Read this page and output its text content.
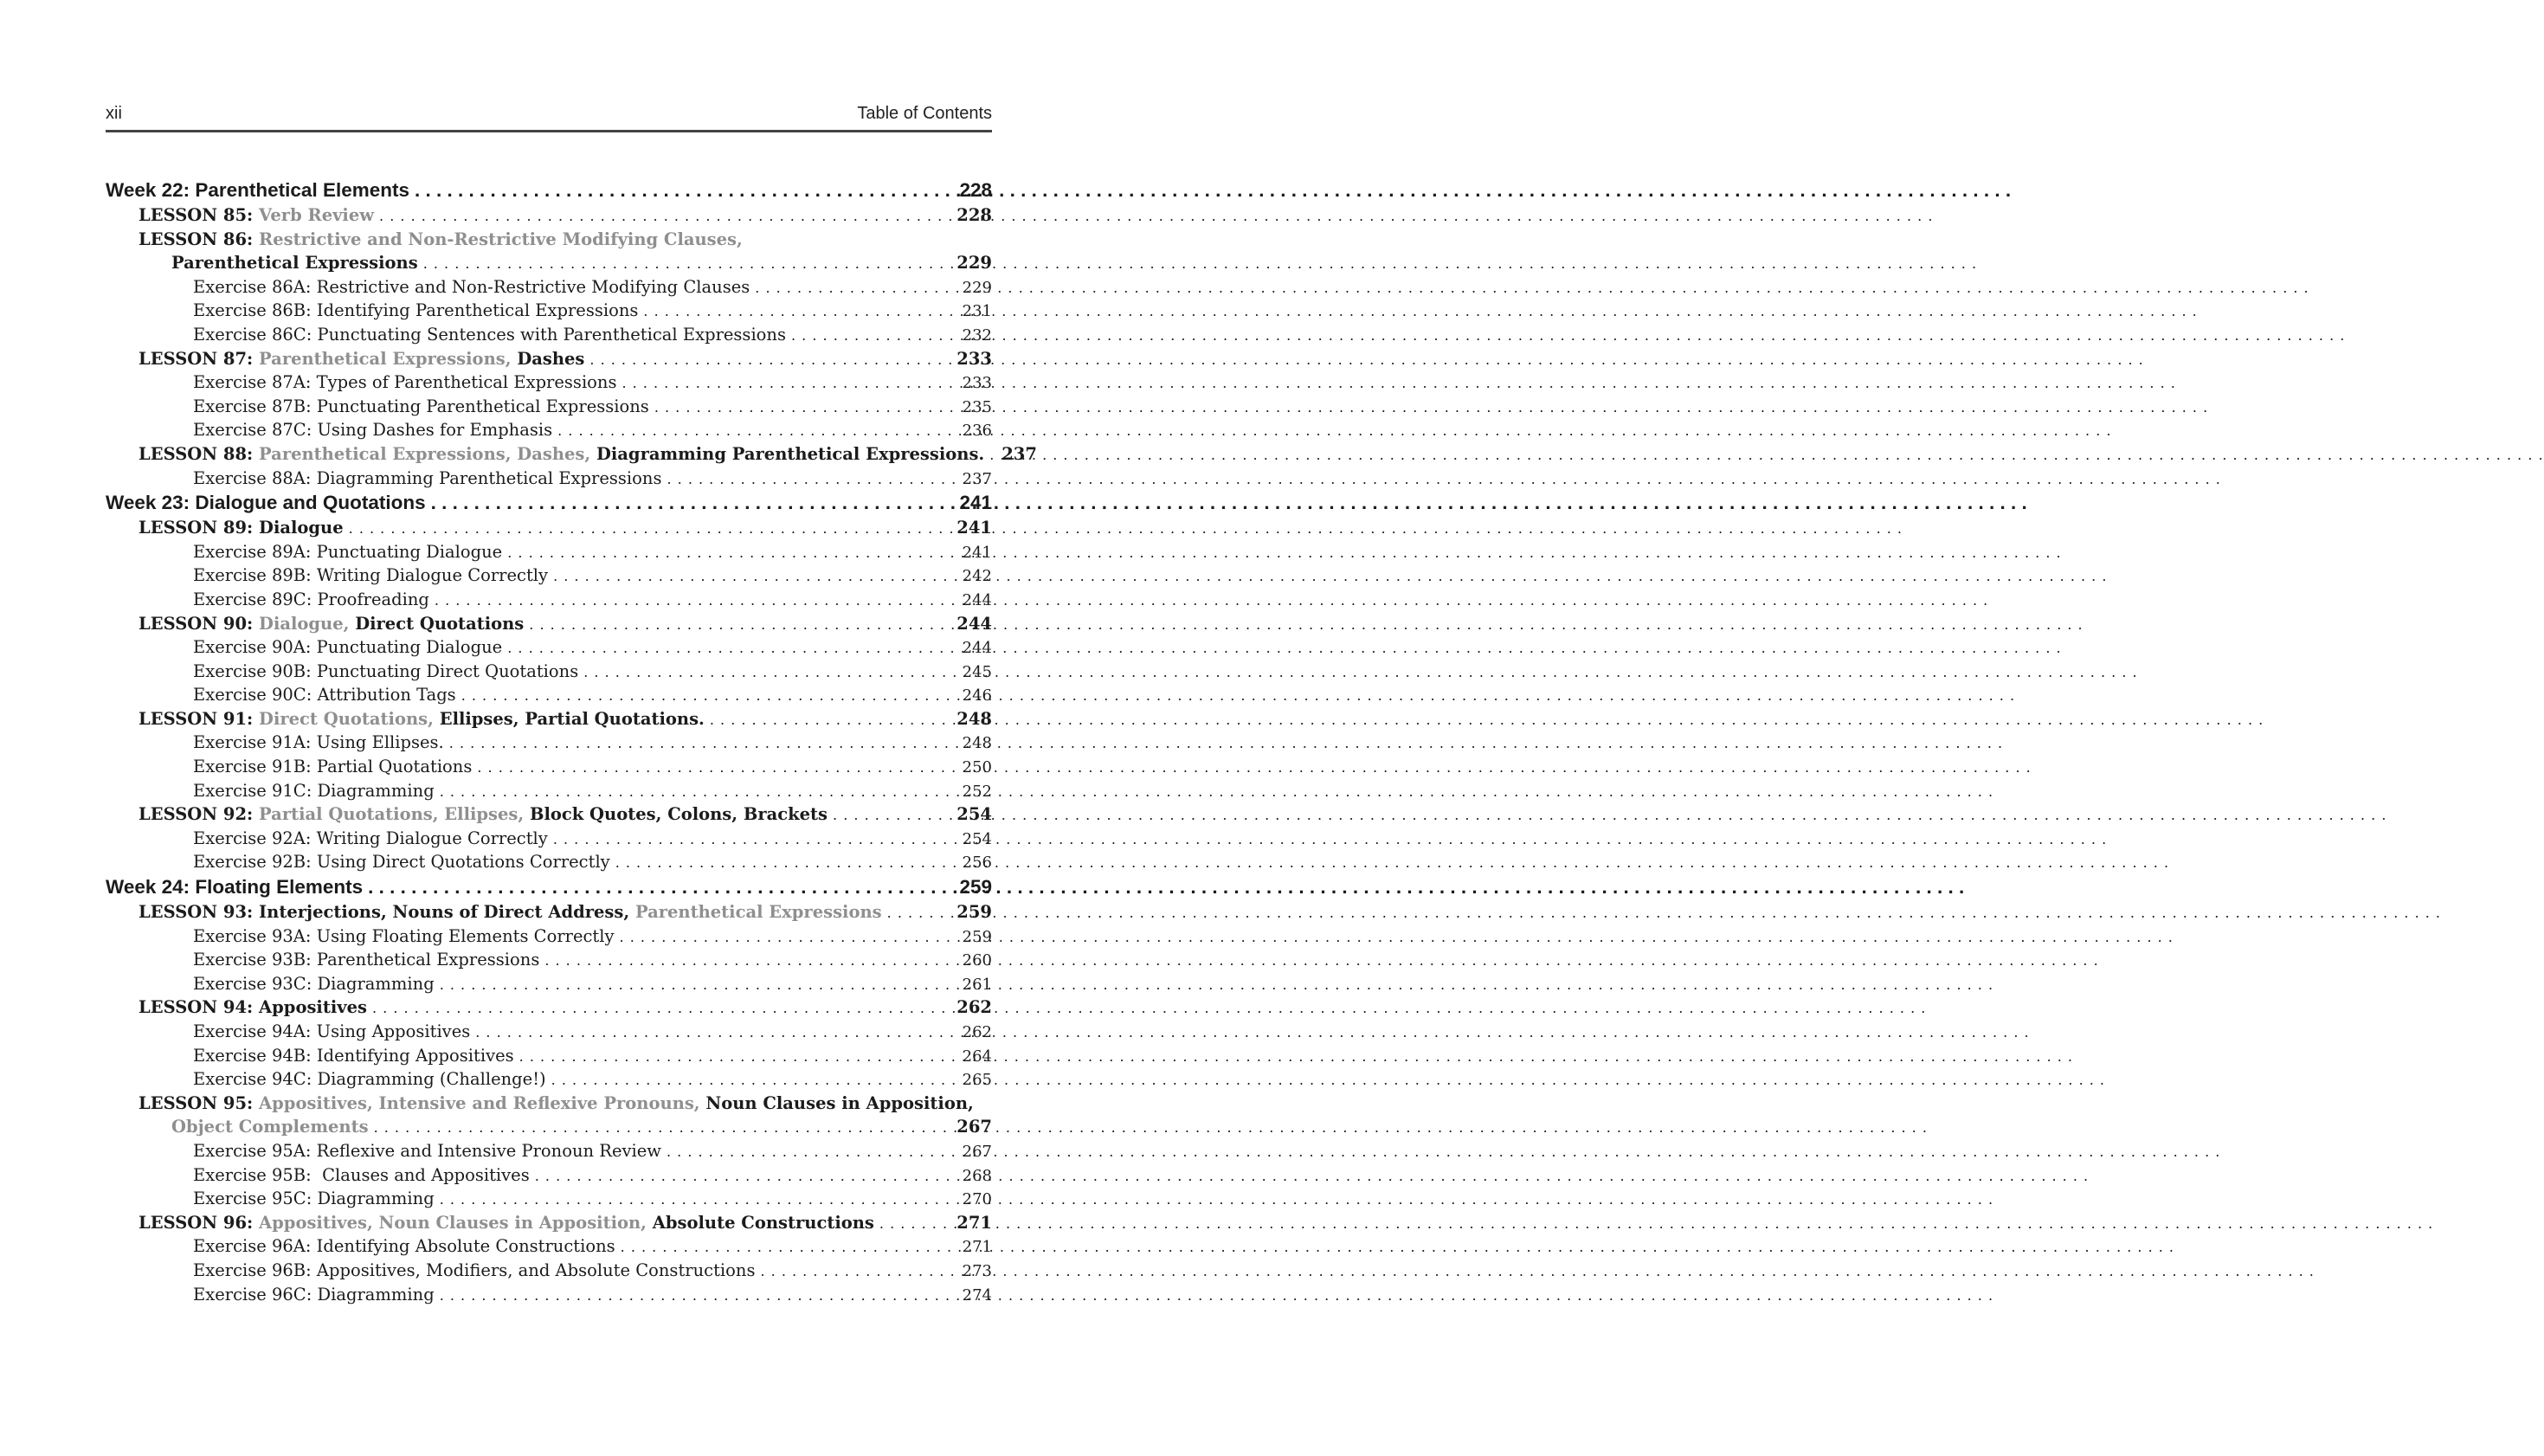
xii	Table of Contents
Week 22: Parenthetical Elements . . .	228
LESSON 85: Verb Review . . .	228
LESSON 86: Restrictive and Non-Restrictive Modifying Clauses,
Parenthetical Expressions . . .	229
Exercise 86A: Restrictive and Non-Restrictive Modifying Clauses . . .	229
Exercise 86B: Identifying Parenthetical Expressions . . .	231
Exercise 86C: Punctuating Sentences with Parenthetical Expressions . . .	232
LESSON 87: Parenthetical Expressions, Dashes . . .	233
Exercise 87A: Types of Parenthetical Expressions . . .	233
Exercise 87B: Punctuating Parenthetical Expressions . . .	235
Exercise 87C: Using Dashes for Emphasis . . .	236
LESSON 88: Parenthetical Expressions, Dashes, Diagramming Parenthetical Expressions. . . . 237
Exercise 88A: Diagramming Parenthetical Expressions . . .	237
Week 23: Dialogue and Quotations . . .	241
LESSON 89: Dialogue . . .	241
Exercise 89A: Punctuating Dialogue . . .	241
Exercise 89B: Writing Dialogue Correctly . . .	242
Exercise 89C: Proofreading . . .	244
LESSON 90: Dialogue, Direct Quotations . . .	244
Exercise 90A: Punctuating Dialogue . . .	244
Exercise 90B: Punctuating Direct Quotations . . .	245
Exercise 90C: Attribution Tags . . .	246
LESSON 91: Direct Quotations, Ellipses, Partial Quotations. . . .	248
Exercise 91A: Using Ellipses. . . .	248
Exercise 91B: Partial Quotations . . .	250
Exercise 91C: Diagramming . . .	252
LESSON 92: Partial Quotations, Ellipses, Block Quotes, Colons, Brackets . . .	254
Exercise 92A: Writing Dialogue Correctly . . .	254
Exercise 92B: Using Direct Quotations Correctly . . .	256
Week 24: Floating Elements . . .	259
LESSON 93: Interjections, Nouns of Direct Address, Parenthetical Expressions . . .	259
Exercise 93A: Using Floating Elements Correctly . . .	259
Exercise 93B: Parenthetical Expressions . . .	260
Exercise 93C: Diagramming . . .	261
LESSON 94: Appositives . . .	262
Exercise 94A: Using Appositives . . .	262
Exercise 94B: Identifying Appositives . . .	264
Exercise 94C: Diagramming (Challenge!) . . .	265
LESSON 95: Appositives, Intensive and Reflexive Pronouns, Noun Clauses in Apposition,
Object Complements . . .	267
Exercise 95A: Reflexive and Intensive Pronoun Review . . .	267
Exercise 95B:  Clauses and Appositives . . .	268
Exercise 95C: Diagramming . . .	270
LESSON 96: Appositives, Noun Clauses in Apposition, Absolute Constructions . . .	271
Exercise 96A: Identifying Absolute Constructions . . .	271
Exercise 96B: Appositives, Modifiers, and Absolute Constructions . . .	273
Exercise 96C: Diagramming . . .	274
